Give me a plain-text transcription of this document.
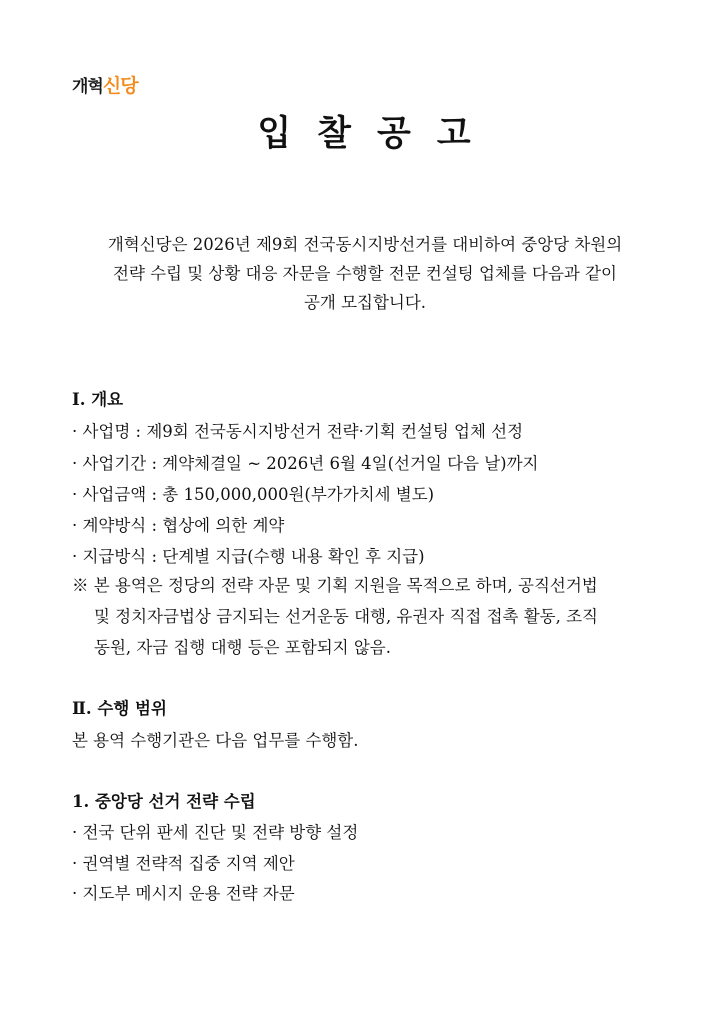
개혁신당
입찰공고
개혁신당은 2026년 제9회 전국동시지방선거를 대비하여 중앙당 차원의
전략 수립 및 상황 대응 자문을 수행할 전문 컨설팅 업체를 다음과 같이
공개 모집합니다.
Ⅰ. 개요
· 사업명 : 제9회 전국동시지방선거 전략·기획 컨설팅 업체 선정
· 사업기간 : 계약체결일 ~ 2026년 6월 4일(선거일 다음 날)까지
· 사업금액 : 총 150,000,000원(부가가치세 별도)
· 계약방식 : 협상에 의한 계약
· 지급방식 : 단계별 지급(수행 내용 확인 후 지급)
※ 본 용역은 정당의 전략 자문 및 기획 지원을 목적으로 하며, 공직선거법
및 정치자금법상 금지되는 선거운동 대행, 유권자 직접 접촉 활동, 조직
동원, 자금 집행 대행 등은 포함되지 않음.
Ⅱ. 수행 범위
본 용역 수행기관은 다음 업무를 수행함.
1. 중앙당 선거 전략 수립
· 전국 단위 판세 진단 및 전략 방향 설정
· 권역별 전략적 집중 지역 제안
· 지도부 메시지 운용 전략 자문
